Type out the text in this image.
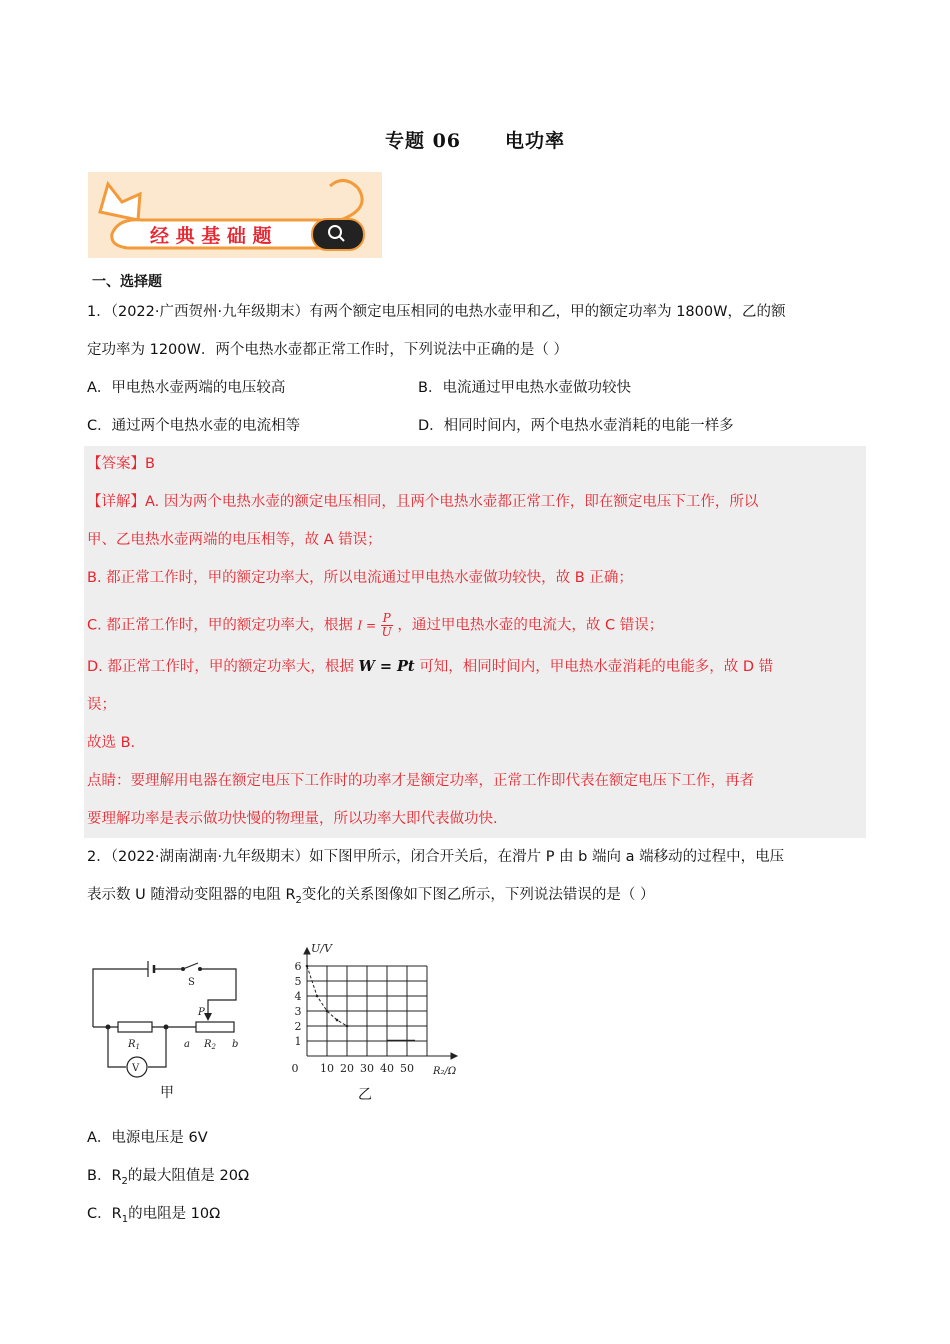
专题 06 电功率
经 典 基 础 题
一、选择题
1．（2022·广西贺州·九年级期末）有两个额定电压相同的电热水壶甲和乙，甲的额定功率为 1800W，乙的额
定功率为 1200W．两个电热水壶都正常工作时，下列说法中正确的是（ ）
A．甲电热水壶两端的电压较高	B．电流通过甲电热水壶做功较快
C．通过两个电热水壶的电流相等	D．相同时间内，两个电热水壶消耗的电能一样多
【答案】B
【详解】A. 因为两个电热水壶的额定电压相同，且两个电热水壶都正常工作，即在额定电压下工作，所以
甲、乙电热水壶两端的电压相等，故 A 错误；
B. 都正常工作时，甲的额定功率大，所以电流通过甲电热水壶做功较快，故 B 正确；
C. 都正常工作时，甲的额定功率大，根据 $I = \frac{P}{U}$ ，通过甲电热水壶的电流大，故 C 错误；
D. 都正常工作时，甲的额定功率大，根据 W = Pt 可知，相同时间内，甲电热水壶消耗的电能多，故 D 错
误；
故选 B.
点睛：要理解用电器在额定电压下工作时的功率才是额定功率，正常工作即代表在额定电压下工作，再者
要理解功率是表示做功快慢的物理量，所以功率大即代表做功快.
2．（2022·湖南湖南·九年级期末）如下图甲所示，闭合开关后，在滑片 P 由 b 端向 a 端移动的过程中，电压
表示数 U 随滑动变阻器的电阻 $R_2$变化的关系图像如下图乙所示，下列说法错误的是（ ）
S
P
$R_1$	a $R_2$ b
V
甲
1
2
3
4
5
6
0 10 20 30 40 50
U/V
R₂/Ω
乙
A．电源电压是 6V
B．$R_2$的最大阻值是 20Ω
C．$R_1$的电阻是 10Ω
